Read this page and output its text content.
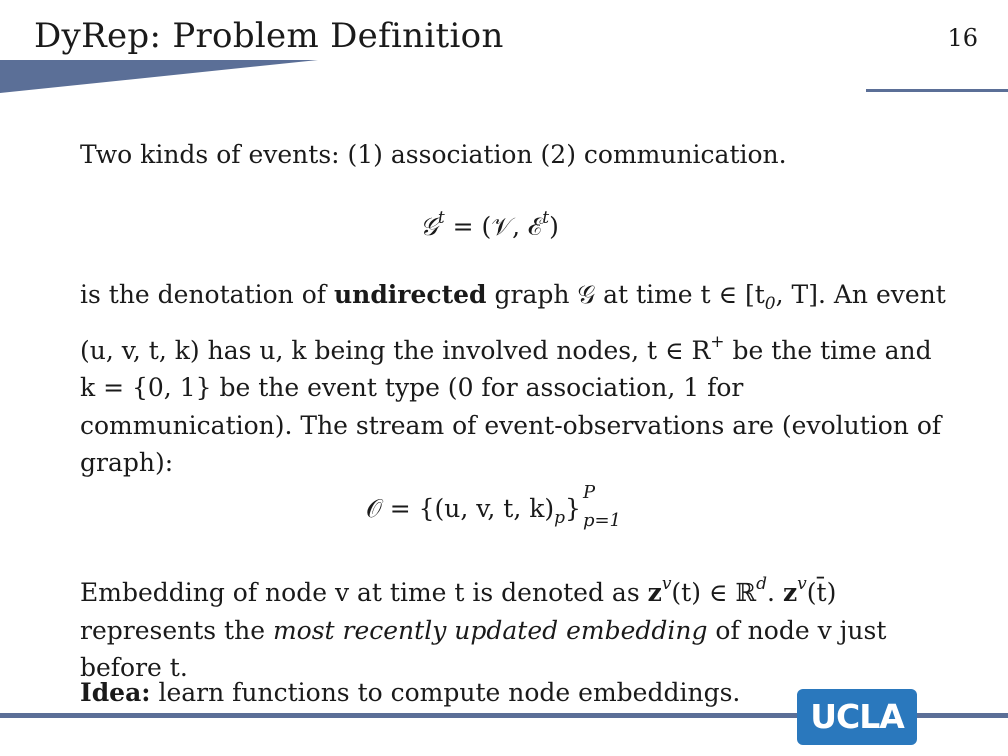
DyRep: Problem Definition	16
Two kinds of events: (1) association (2) communication.
𝒢$^t$ = (𝒱, ℰ$^t$)
is the denotation of undirected graph 𝒢 at time t ∈ [$t_0$, T]. An event (u, v, t, k) has u, k being the involved nodes, t ∈ R+ be the time and k = {0, 1} be the event type (0 for association, 1 for communication). The stream of event-observations are (evolution of graph):
𝒪 = {(u, v, t, $k)_p$}
P
p=1
Embedding of node v at time t is denoted as $z^v(t)$ ∈ ℝ$^d$. $z^v(t̄)$ represents the most recently updated embedding of node v just before t.
Idea: learn functions to compute node embeddings.
UCLA
